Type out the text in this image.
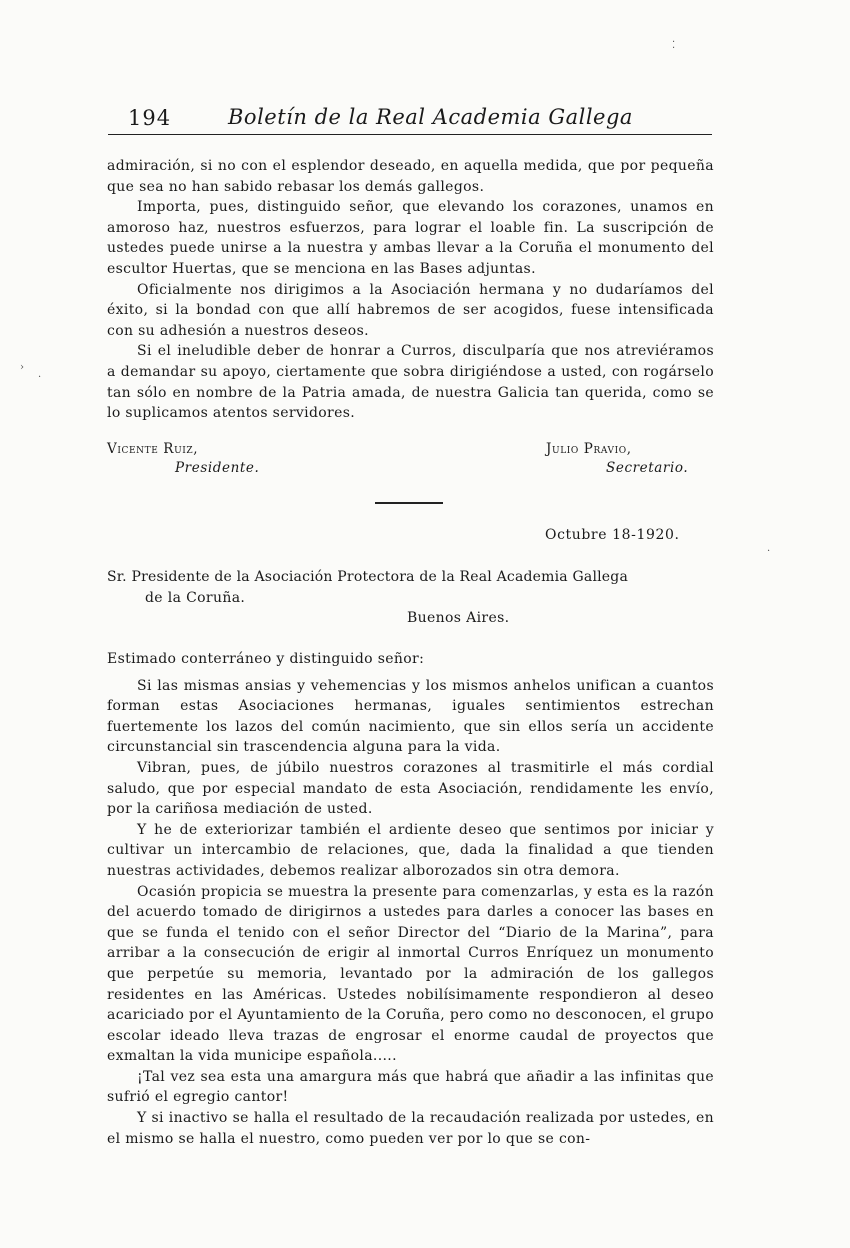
194	Boletín de la Real Academia Gallega

admiración, si no con el esplendor deseado, en aquella medida, que por pequeña que sea no han sabido rebasar los demás gallegos.

Importa, pues, distinguido señor, que elevando los corazones, unamos en amoroso haz, nuestros esfuerzos, para lograr el loable fin. La suscripción de ustedes puede unirse a la nuestra y ambas llevar a la Coruña el monumento del escultor Huertas, que se menciona en las Bases adjuntas.

Oficialmente nos dirigimos a la Asociación hermana y no dudaríamos del éxito, si la bondad con que allí habremos de ser acogidos, fuese intensificada con su adhesión a nuestros deseos.

Si el ineludible deber de honrar a Curros, disculparía que nos atreviéramos a demandar su apoyo, ciertamente que sobra dirigiéndose a usted, con rogárselo tan sólo en nombre de la Patria amada, de nuestra Galicia tan querida, como se lo suplicamos atentos servidores.

Vicente Ruiz,
Presidente.
Julio Pravio,
Secretario.
Octubre 18-1920.
Sr. Presidente de la Asociación Protectora de la Real Academia Gallega
de la Coruña.
Buenos Aires.

Estimado conterráneo y distinguido señor:

Si las mismas ansias y vehemencias y los mismos anhelos unifican a cuantos forman estas Asociaciones hermanas, iguales sentimientos estrechan fuertemente los lazos del común nacimiento, que sin ellos sería un accidente circunstancial sin trascendencia alguna para la vida.

Vibran, pues, de júbilo nuestros corazones al trasmitirle el más cordial saludo, que por especial mandato de esta Asociación, rendidamente les envío, por la cariñosa mediación de usted.

Y he de exteriorizar también el ardiente deseo que sentimos por iniciar y cultivar un intercambio de relaciones, que, dada la finalidad a que tienden nuestras actividades, debemos realizar alborozados sin otra demora.

Ocasión propicia se muestra la presente para comenzarlas, y esta es la razón del acuerdo tomado de dirigirnos a ustedes para darles a conocer las bases en que se funda el tenido con el señor Director del “Diario de la Marina”, para arribar a la consecución de erigir al inmortal Curros Enríquez un monumento que perpetúe su memoria, levantado por la admiración de los gallegos residentes en las Américas. Ustedes nobilísimamente respondieron al deseo acariciado por el Ayuntamiento de la Coruña, pero como no desconocen, el grupo escolar ideado lleva trazas de engrosar el enorme caudal de proyectos que exmaltan la vida municipe española.....

¡Tal vez sea esta una amargura más que habrá que añadir a las infinitas que sufrió el egregio cantor!

Y si inactivo se halla el resultado de la recaudación realizada por ustedes, en el mismo se halla el nuestro, como pueden ver por lo que se con-

⁚
›
·
·
